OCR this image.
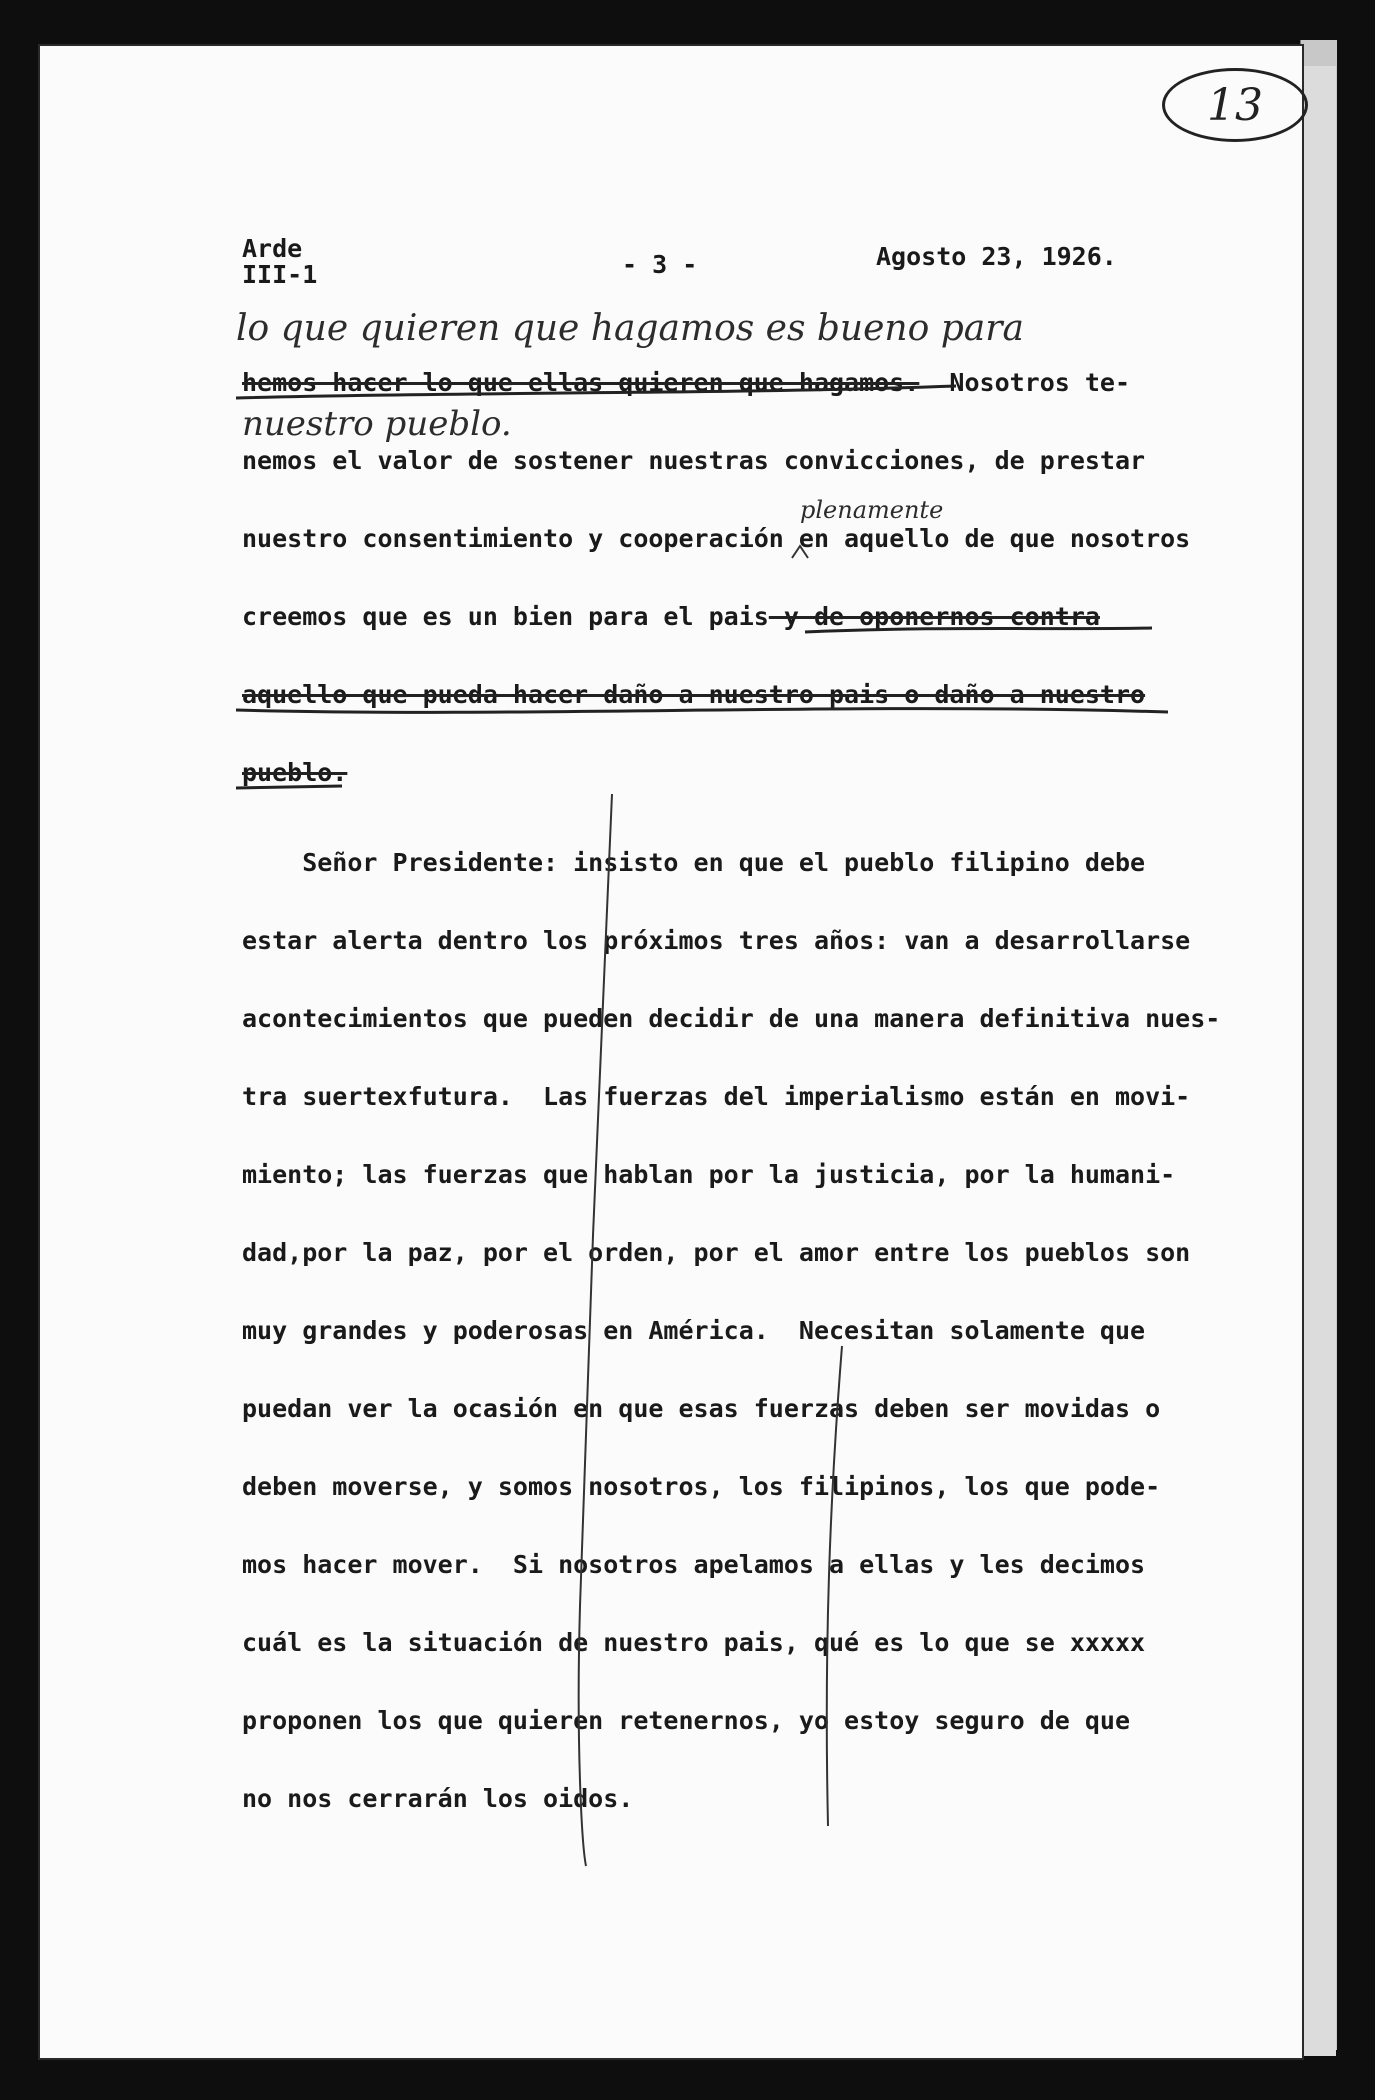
13
Arde
III-1	- 3 -	Agosto 23, 1926.
lo que quieren que hagamos es bueno para
hemos hacer lo que ellas quieren que hagamos.  Nosotros te-
nuestro pueblo.
nemos el valor de sostener nuestras convicciones, de prestar
plenamente
nuestro consentimiento y cooperación en aquello de que nosotros
creemos que es un bien para el pais y de oponernos contra
aquello que pueda hacer daño a nuestro pais o daño a nuestro
pueblo.
Señor Presidente: insisto en que el pueblo filipino debe
estar alerta dentro los próximos tres años: van a desarrollarse
acontecimientos que pueden decidir de una manera definitiva nues-
tra suertexfutura.  Las fuerzas del imperialismo están en movi-
miento; las fuerzas que hablan por la justicia, por la humani-
dad,por la paz, por el orden, por el amor entre los pueblos son
muy grandes y poderosas en América.  Necesitan solamente que
puedan ver la ocasión en que esas fuerzas deben ser movidas o
deben moverse, y somos nosotros, los filipinos, los que pode-
mos hacer mover.  Si nosotros apelamos a ellas y les decimos
cuál es la situación de nuestro pais, qué es lo que se xxxxx
proponen los que quieren retenernos, yo estoy seguro de que
no nos cerrarán los oidos.
